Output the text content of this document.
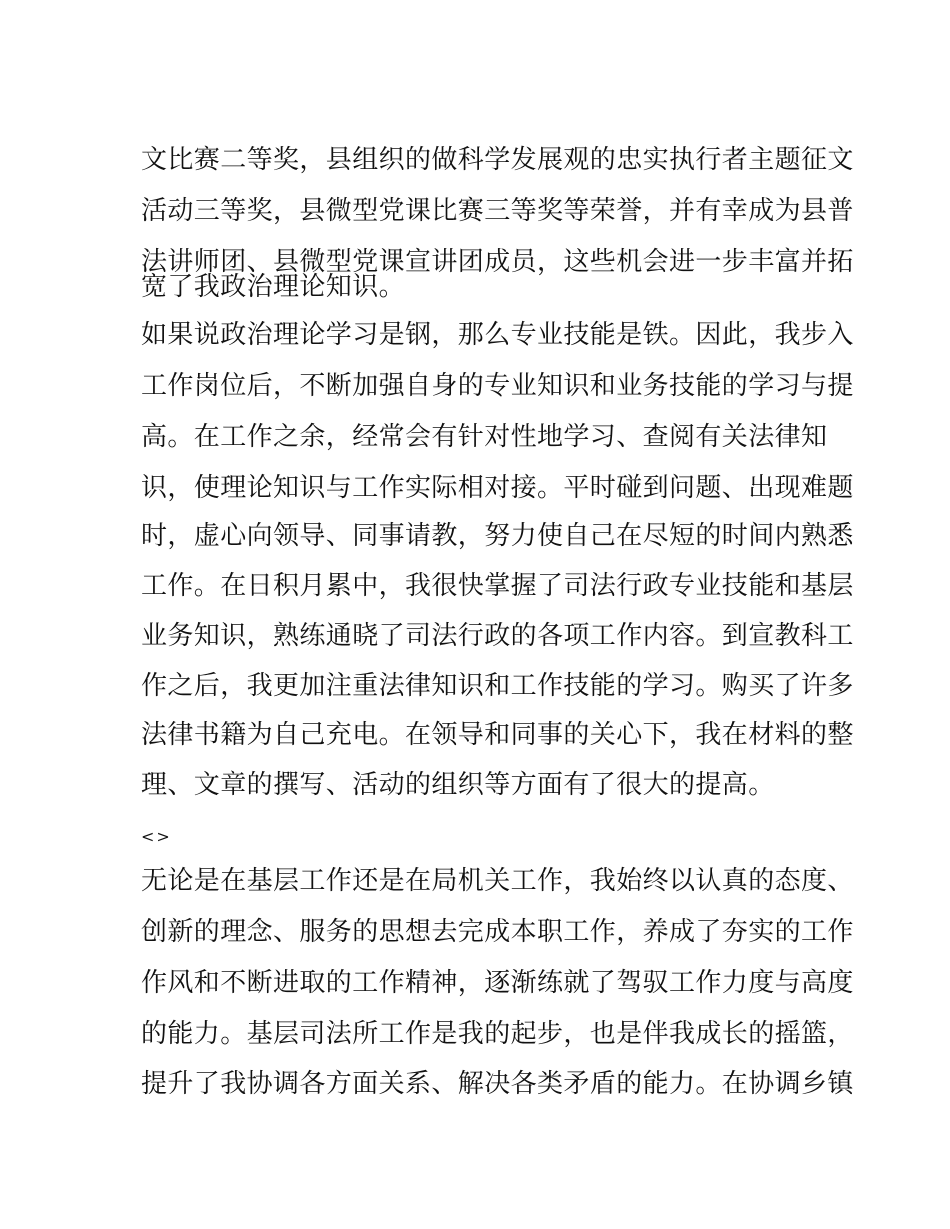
文比赛二等奖，县组织的做科学发展观的忠实执行者主题征文
活动三等奖，县微型党课比赛三等奖等荣誉，并有幸成为县普
法讲师团、县微型党课宣讲团成员，这些机会进一步丰富并拓
宽了我政治理论知识。
如果说政治理论学习是钢，那么专业技能是铁。因此，我步入
工作岗位后，不断加强自身的专业知识和业务技能的学习与提
高。在工作之余，经常会有针对性地学习、查阅有关法律知
识，使理论知识与工作实际相对接。平时碰到问题、出现难题
时，虚心向领导、同事请教，努力使自己在尽短的时间内熟悉
工作。在日积月累中，我很快掌握了司法行政专业技能和基层
业务知识，熟练通晓了司法行政的各项工作内容。到宣教科工
作之后，我更加注重法律知识和工作技能的学习。购买了许多
法律书籍为自己充电。在领导和同事的关心下，我在材料的整
理、文章的撰写、活动的组织等方面有了很大的提高。
<>
无论是在基层工作还是在局机关工作，我始终以认真的态度、
创新的理念、服务的思想去完成本职工作，养成了夯实的工作
作风和不断进取的工作精神，逐渐练就了驾驭工作力度与高度
的能力。基层司法所工作是我的起步，也是伴我成长的摇篮，
提升了我协调各方面关系、解决各类矛盾的能力。在协调乡镇
